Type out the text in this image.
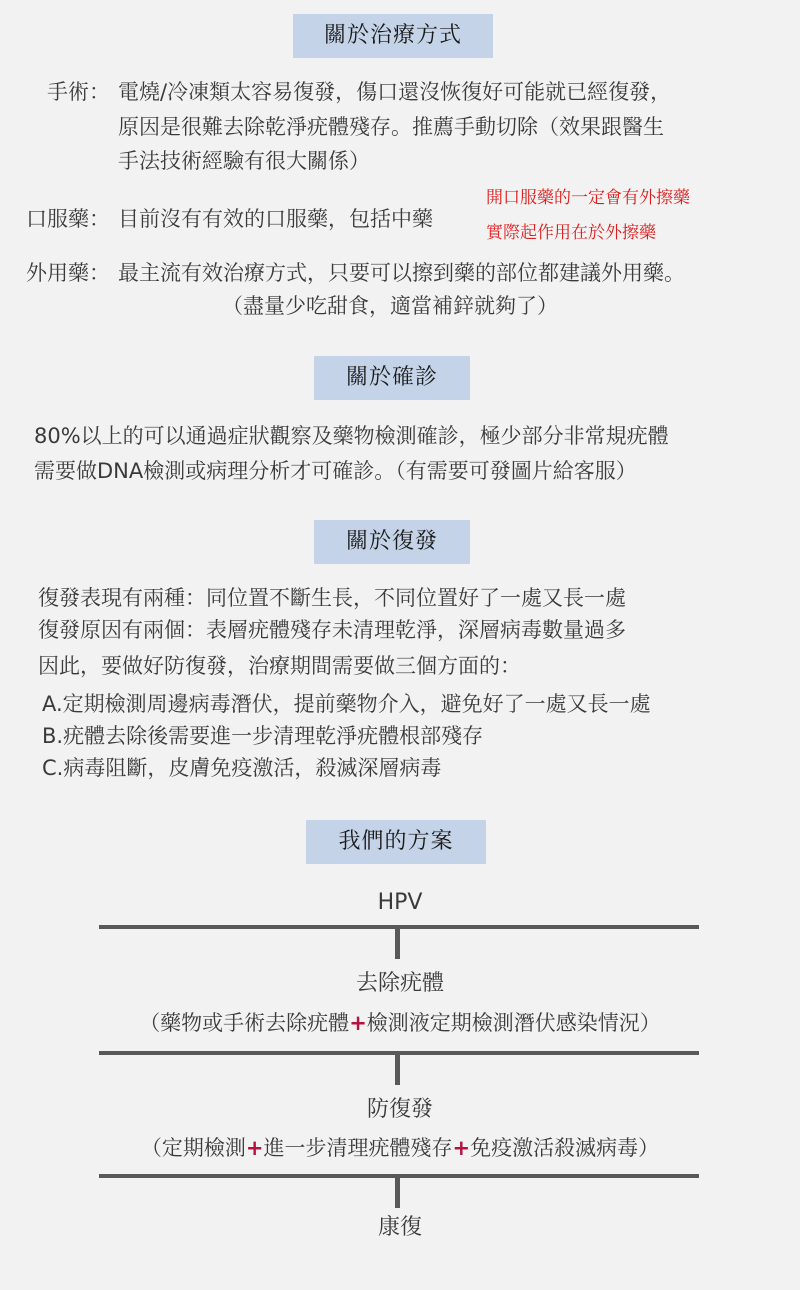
關於治療方式
手術： 電燒/冷凍類太容易復發，傷口還沒恢復好可能就已經復發，
原因是很難去除乾淨疣體殘存。推薦手動切除（效果跟醫生
手法技術經驗有很大關係）
口服藥： 目前沒有有效的口服藥，包括中藥
開口服藥的一定會有外擦藥
實際起作用在於外擦藥
外用藥： 最主流有效治療方式，只要可以擦到藥的部位都建議外用藥。
（盡量少吃甜食，適當補鋅就夠了）
關於確診
80%以上的可以通過症狀觀察及藥物檢測確診，極少部分非常規疣體
需要做DNA檢測或病理分析才可確診。（有需要可發圖片給客服）
關於復發
復發表現有兩種：同位置不斷生長，不同位置好了一處又長一處
復發原因有兩個：表層疣體殘存未清理乾淨，深層病毒數量過多
因此，要做好防復發，治療期間需要做三個方面的：
A.定期檢測周邊病毒潛伏，提前藥物介入，避免好了一處又長一處
B.疣體去除後需要進一步清理乾淨疣體根部殘存
C.病毒阻斷，皮膚免疫激活，殺滅深層病毒
我們的方案
HPV
去除疣體
（藥物或手術去除疣體+檢測液定期檢測潛伏感染情況）
防復發
（定期檢測+進一步清理疣體殘存+免疫激活殺滅病毒）
康復
